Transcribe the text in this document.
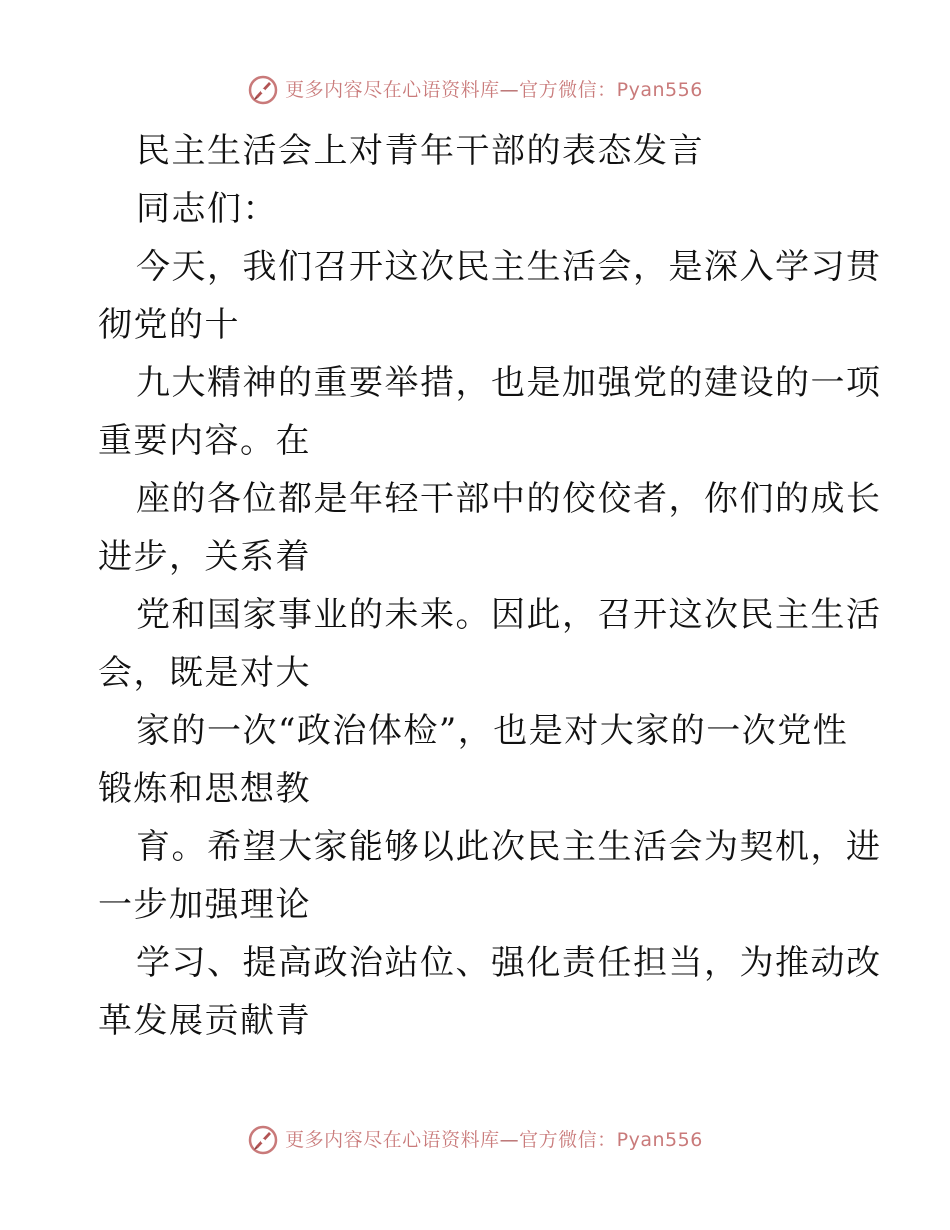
更多内容尽在心语资料库—官方微信：Pyan556
民主生活会上对青年干部的表态发言
同志们：
今天，我们召开这次民主生活会，是深入学习贯
彻党的十
九大精神的重要举措，也是加强党的建设的一项
重要内容。在
座的各位都是年轻干部中的佼佼者，你们的成长
进步，关系着
党和国家事业的未来。因此，召开这次民主生活
会，既是对大
家的一次“政治体检”，也是对大家的一次党性
锻炼和思想教
育。希望大家能够以此次民主生活会为契机，进
一步加强理论
学习、提高政治站位、强化责任担当，为推动改
革发展贡献青
更多内容尽在心语资料库—官方微信：Pyan556
